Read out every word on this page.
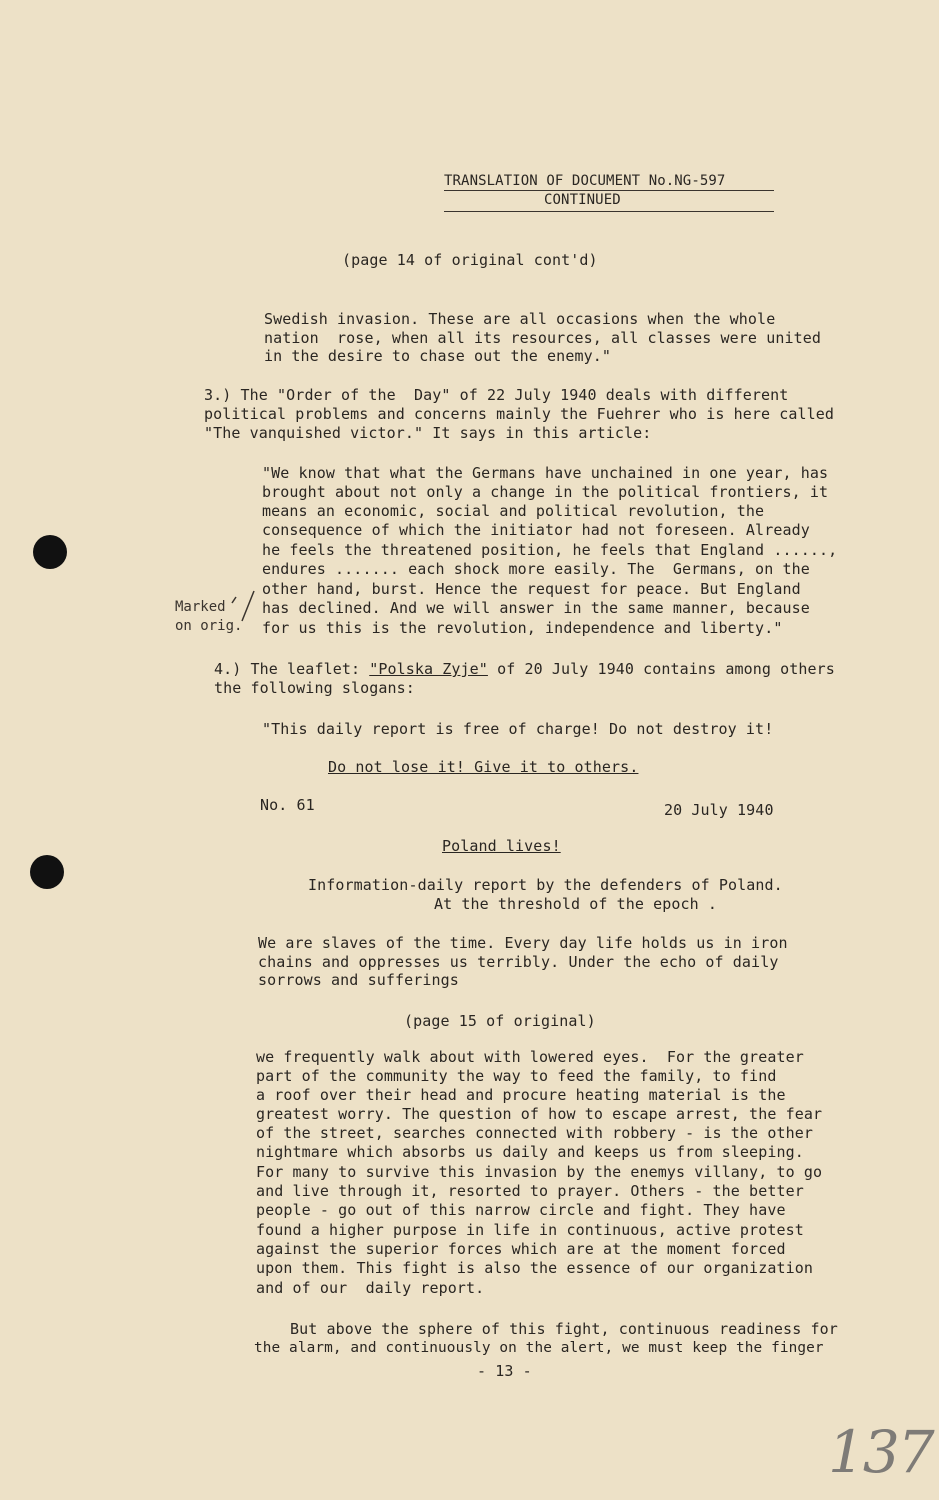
TRANSLATION OF DOCUMENT No.NG-597
CONTINUED
(page 14 of original cont'd)
Swedish invasion. These are all occasions when the whole
nation  rose, when all its resources, all classes were united
in the desire to chase out the enemy."
3.) The "Order of the  Day" of 22 July 1940 deals with different
political problems and concerns mainly the Fuehrer who is here called
"The vanquished victor." It says in this article:
"We know that what the Germans have unchained in one year, has
brought about not only a change in the political frontiers, it
means an economic, social and political revolution, the
consequence of which the initiator had not foreseen. Already
he feels the threatened position, he feels that England ......,
endures ....... each shock more easily. The  Germans, on the
other hand, burst. Hence the request for peace. But England
has declined. And we will answer in the same manner, because
for us this is the revolution, independence and liberty."
Marked
on orig.
4.) The leaflet: "Polska Zyje" of 20 July 1940 contains among others
the following slogans:
"This daily report is free of charge! Do not destroy it!
Do not lose it! Give it to others.
No. 61	20 July 1940
Poland lives!
Information-daily report by the defenders of Poland.
At the threshold of the epoch .
We are slaves of the time. Every day life holds us in iron
chains and oppresses us terribly. Under the echo of daily
sorrows and sufferings
(page 15 of original)
we frequently walk about with lowered eyes.  For the greater
part of the community the way to feed the family, to find
a roof over their head and procure heating material is the
greatest worry. The question of how to escape arrest, the fear
of the street, searches connected with robbery - is the other
nightmare which absorbs us daily and keeps us from sleeping.
For many to survive this invasion by the enemys villany, to go
and live through it, resorted to prayer. Others - the better
people - go out of this narrow circle and fight. They have
found a higher purpose in life in continuous, active protest
against the superior forces which are at the moment forced
upon them. This fight is also the essence of our organization
and of our  daily report.
But above the sphere of this fight, continuous readiness for
the alarm, and continuously on the alert, we must keep the finger
- 13 -
137
